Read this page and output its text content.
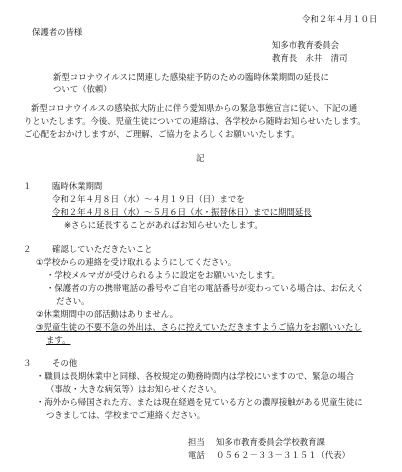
令和２年４月１０日
保護者の皆様
知多市教育委員会
教育長　永井　清司
新型コロナウイルスに関連した感染症予防のための臨時休業期間の延長に
ついて（依頼）
新型コロナウイルスの感染拡大防止に伴う愛知県からの緊急事態宣言に従い、下記の通
りといたします。今後、児童生徒についての連絡は、各学校から随時お知らせいたします。
ご心配をおかけしますが、ご理解、ご協力をよろしくお願いいたします。
記
１ 臨時休業期間
令和２年４月８日（水）～４月１９日（日）までを
令和２年４月８日（水）～５月６日（水・振替休日）までに期間延長
※さらに延長することがあればお知らせいたします。
２ 確認していただきたいこと
①学校からの連絡を受け取れるようにしてください。
・学校メルマガが受けられるように設定をお願いいたします。
・保護者の方の携帯電話の番号やご自宅の電話番号が変わっている場合は、お伝えく
ださい。
②休業期間中の部活動はありません。
③児童生徒の不要不急の外出は、さらに控えていただきますようご協力をお願いいたし
ます。
３ その他
・職員は長期休業中と同様、各校規定の勤務時間内は学校にいますので、緊急の場合
（事故・大きな病気等）はお知らせください。
・海外から帰国された方、または現在経過を見ている方との濃厚接触がある児童生徒に
つきましては、学校までご連絡ください。
担当 知多市教育委員会学校教育課
電話 ０５６２－３３－３１５１（代表）
